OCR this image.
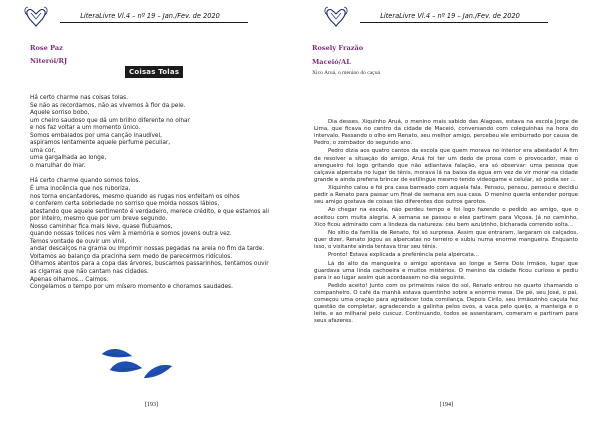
LiteraLivre Vl.4 – nº 19 – Jan./Fev. de 2020
Rose Paz
Niterói/RJ
Coisas Tolas
Há certo charme nas coisas tolas.
Se não as recordamos, não as vivemos à flor da pele.
Aquele sorriso bobo,
um cheiro saudoso que dá um brilho diferente no olhar
e nos faz voltar a um momento único.
Somos embalados por uma canção inaudível,
aspiramos lentamente aquele perfume peculiar,
uma cor,
uma gargalhada ao longe,
o marulhar do mar.
Há certo charme quando somos tolos.
É uma inocência que nos ruboriza,
nos torna encantadores, mesmo quando as rugas nos enfeitam os olhos
e conferem certa sobriedade no sorriso que molda nossos lábios,
atestando que aquele sentimento é verdadeiro, merece crédito, e que estamos ali
por inteiro, mesmo que por um breve segundo.
Nosso caminhar fica mais leve, quase flutuamos,
quando nossas tolices nos vêm à memória e somos jovens outra vez.
Temos vontade de ouvir um vinil,
andar descalços na grama ou imprimir nossas pegadas na areia no fim da tarde.
Voltamos ao balanço da pracinha sem medo de parecermos ridículos.
Olhamos atentos para a copa das árvores, buscamos passarinhos, tentamos ouvir
as cigarras que não cantam nas cidades.
Apenas olhamos... Calmos.
Congelamos o tempo por um mísero momento e choramos saudades.
[193]
LiteraLivre Vl.4 – nº 19 – Jan./Fev. de 2020
Rosely Frazão
Maceió/AL
Xico Aruá, o menino do caçuá

Dia desses, Xiquinho Aruá, o menino mais sabido das Alagoas, estava na escola Jorge de Lima, que ficava no centro da cidade de Maceió, conversando com coleguinhas na hora do intervalo. Passando o olho em Renato, seu melhor amigo, percebeu ele emburrado por causa de Pedro, o zombador do segundo ano.

Pedro dizia aos quatro cantos da escola que quem morava no interior era abestado! A fim de resolver a situação do amigo, Aruá foi ter um dedo de prosa com o provocador, mas o arengueiro foi logo gritando que não adiantava falação, era só observar: uma pessoa que calçava alpercata no lugar de tênis, morava lá na baixa da égua em vez de vir morar na cidade grande e ainda preferia brincar de estilingue mesmo tendo videogame e celular, só podia ser ...

Xiquinho calou e foi pra casa barreado com aquela fala. Pensou, pensou, pensou e decidiu pedir a Renato para passar um final de semana em sua casa. O menino queria entender porque seu amigo gostava de coisas tão diferentes dos outros garotos.

Ao chegar na escola, não perdeu tempo e foi logo fazendo o pedido ao amigo, que o aceitou com muita alegria. A semana se passou e eles partiram para Viçosa. Já no caminho, Xico ficou admirado com a lindeza da natureza: céu bem azulzinho, bicharada correndo solta...

No sítio da família de Renato, foi só surpresa. Assim que entraram, largaram os calçados, quer dizer, Renato jogou as alpercatas no terreiro e subiu numa enorme mangueira. Enquanto isso, o visitante ainda tentava tirar seu tênis.

Pronto! Estava explicada a preferência pela alpercata...

Lá do alto da mangueira o amigo apontava ao longe a Serra Dois Irmãos, lugar que guardava uma linda cachoeira e muitos mistérios. O menino da cidade ficou curioso e pediu para ir ao lugar assim que acordassem no dia seguinte.

Pedido aceito! Junto com os primeiros raios do sol, Renato entrou no quarto chamando o companheiro. O café da manhã estava quentinho sobre a enorme mesa. De pé, seu José, o pai, começou uma oração para agradecer toda comilança. Depois Cirilo, seu irmãozinho caçula fez questão de completar, agradecendo a galinha pelos ovos, a vaca pelo queijo, a manteiga e o leite, e ao milharal pelo cuscuz. Continuando, todos se assentaram, comeram e partiram para seus afazeres.

[194]
